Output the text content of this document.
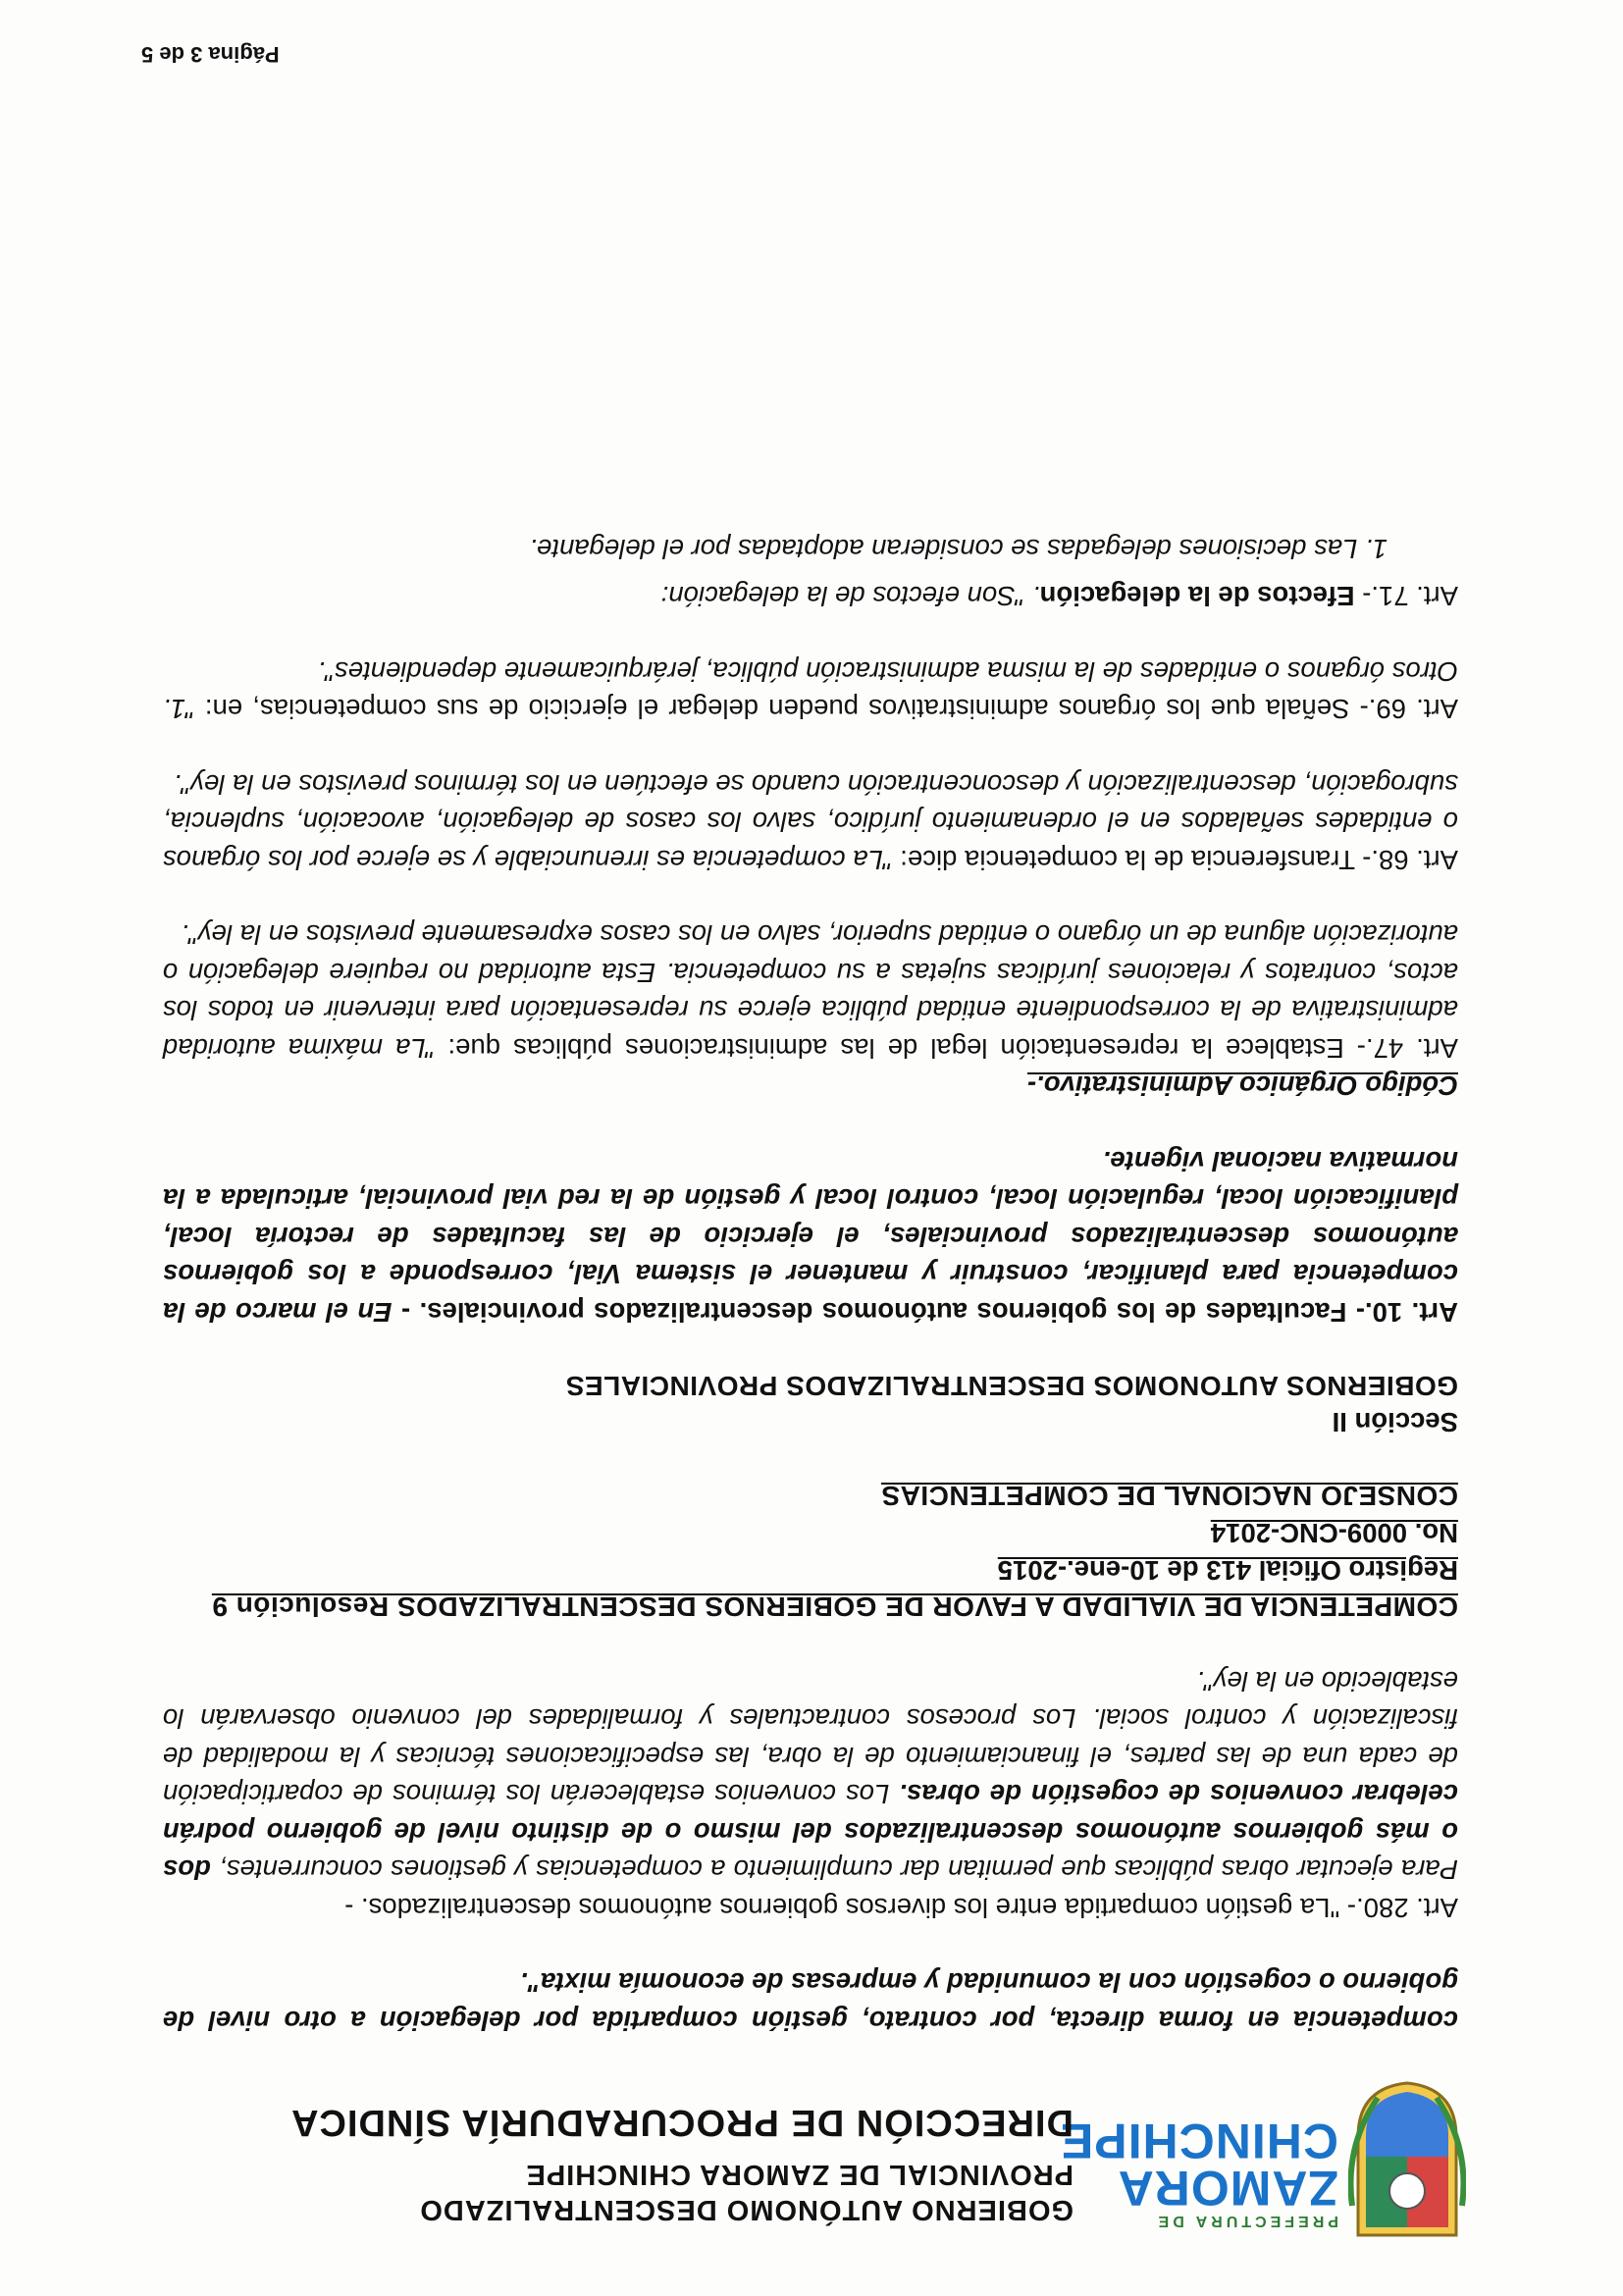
PREFECTURA DE
ZAMORA
CHINCHIPE
GOBIERNO AUTÓNOMO DESCENTRALIZADO
PROVINCIAL DE ZAMORA CHINCHIPE
DIRECCIÓN DE PROCURADURÍA SÍNDICA

competencia en forma directa, por contrato, gestión compartida por delegación a otro nivel de gobierno o cogestión con la comunidad y empresas de economía mixta".

Art. 280.- "La gestión compartida entre los diversos gobiernos autónomos descentralizados. -
Para ejecutar obras públicas que permitan dar cumplimiento a competencias y gestiones concurrentes, dos o más gobiernos autónomos descentralizados del mismo o de distinto nivel de gobierno podrán celebrar convenios de cogestión de obras. Los convenios establecerán los términos de coparticipación de cada una de las partes, el financiamiento de la obra, las especificaciones técnicas y la modalidad de fiscalización y control social. Los procesos contractuales y formalidades del convenio observarán lo establecido en la ley".

COMPETENCIA DE VIALIDAD A FAVOR DE GOBIERNOS DESCENTRALIZADOS Resolución 9
Registro Oficial 413 de 10-ene.-2015
No. 0009-CNC-2014
CONSEJO NACIONAL DE COMPETENCIAS
Sección II
GOBIERNOS AUTONOMOS DESCENTRALIZADOS PROVINCIALES

Art. 10.- Facultades de los gobiernos autónomos descentralizados provinciales. - En el marco de la competencia para planificar, construir y mantener el sistema Vial, corresponde a los gobiernos autónomos descentralizados provinciales, el ejercicio de las facultades de rectoría local, planificación local, regulación local, control local y gestión de la red vial provincial, articulada a la normativa nacional vigente.

Código Orgánico Administrativo.-

Art. 47.- Establece la representación legal de las administraciones públicas que: "La máxima autoridad administrativa de la correspondiente entidad pública ejerce su representación para intervenir en todos los actos, contratos y relaciones jurídicas sujetas a su competencia. Esta autoridad no requiere delegación o autorización alguna de un órgano o entidad superior, salvo en los casos expresamente previstos en la ley".

Art. 68.- Transferencia de la competencia dice: "La competencia es irrenunciable y se ejerce por los órganos o entidades señalados en el ordenamiento jurídico, salvo los casos de delegación, avocación, suplencia, subrogación, descentralización y desconcentración cuando se efectúen en los términos previstos en la ley".

Art. 69.- Señala que los órganos administrativos pueden delegar el ejercicio de sus competencias, en: "1. Otros órganos o entidades de la misma administración pública, jerárquicamente dependientes".

Art. 71.- Efectos de la delegación. "Son efectos de la delegación:

1. Las decisiones delegadas se consideran adoptadas por el delegante.

Página 3 de 5
